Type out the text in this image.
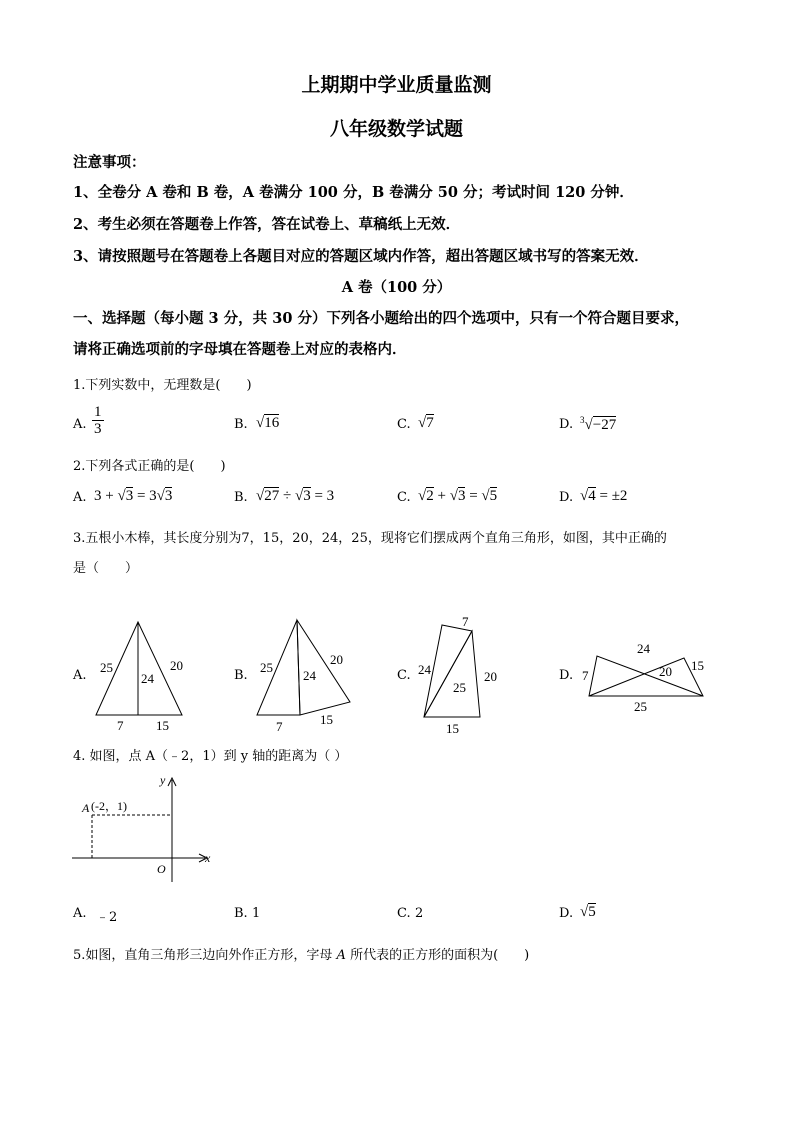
上期期中学业质量监测
八年级数学试题
注意事项：
1、全卷分 A 卷和 B 卷，A 卷满分 100 分，B 卷满分 50 分；考试时间 120 分钟．
2、考生必须在答题卷上作答，答在试卷上、草稿纸上无效．
3、请按照题号在答题卷上各题目对应的答题区域内作答，超出答题区域书写的答案无效．
A 卷（100 分）
一、选择题（每小题 3 分，共 30 分）下列各小题给出的四个选项中，只有一个符合题目要求，
请将正确选项前的字母填在答题卷上对应的表格内．
1.下列实数中，无理数是(　　)
A. $\frac{1}{3}$	B. √16	C. √7	D. $^3$√−27
2.下列各式正确的是(　　)
A. 3 + √3 = 3√3	B. √27 ÷ √3 = 3	C. √2 + √3 = √5	D. √4 = ±2
3.五根小木棒，其长度分别为7，15，20，24，25，现将它们摆成两个直角三角形，如图，其中正确的
是（　　）
A.	B.	C.	D.
25	20
24
7	15
25
20
24
7	15
7
24
25
20
15
24
7	20 15
25
4. 如图，点 A（﹣2，1）到 y 轴的距离为（ ）
A (-2，1)
y
x
O
A. ﹣2	B. 1	C. 2	D. √5
5.如图，直角三角形三边向外作正方形，字母 A 所代表的正方形的面积为(　　)
